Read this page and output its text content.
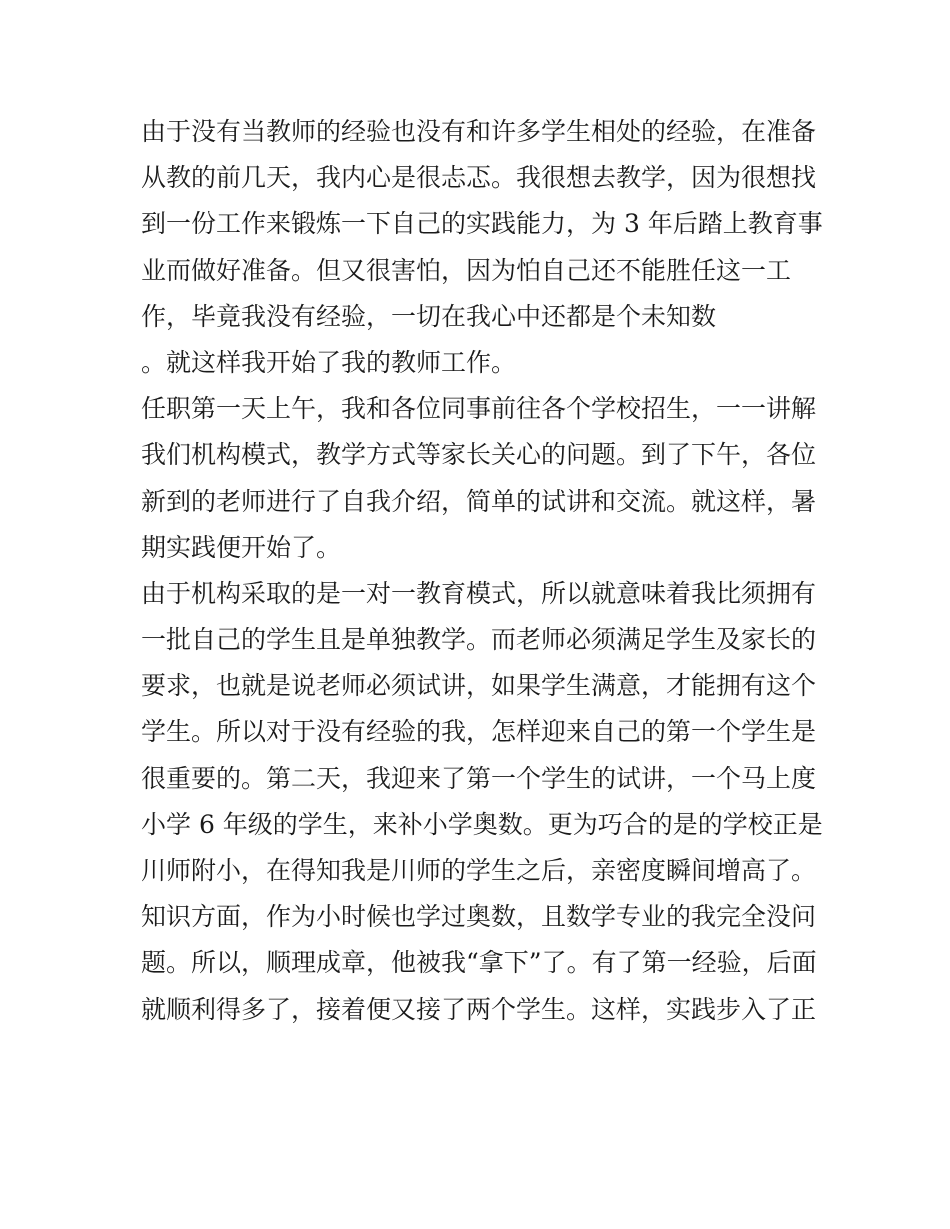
由于没有当教师的经验也没有和许多学生相处的经验，在准备
从教的前几天，我内心是很忐忑。我很想去教学，因为很想找
到一份工作来锻炼一下自己的实践能力，为 3 年后踏上教育事
业而做好准备。但又很害怕，因为怕自己还不能胜任这一工
作，毕竟我没有经验，一切在我心中还都是个未知数
。就这样我开始了我的教师工作。
任职第一天上午，我和各位同事前往各个学校招生，一一讲解
我们机构模式，教学方式等家长关心的问题。到了下午，各位
新到的老师进行了自我介绍，简单的试讲和交流。就这样，暑
期实践便开始了。
由于机构采取的是一对一教育模式，所以就意味着我比须拥有
一批自己的学生且是单独教学。而老师必须满足学生及家长的
要求，也就是说老师必须试讲，如果学生满意，才能拥有这个
学生。所以对于没有经验的我，怎样迎来自己的第一个学生是
很重要的。第二天，我迎来了第一个学生的试讲，一个马上度
小学 6 年级的学生，来补小学奥数。更为巧合的是的学校正是
川师附小，在得知我是川师的学生之后，亲密度瞬间增高了。
知识方面，作为小时候也学过奥数，且数学专业的我完全没问
题。所以，顺理成章，他被我“拿下”了。有了第一经验，后面
就顺利得多了，接着便又接了两个学生。这样，实践步入了正
